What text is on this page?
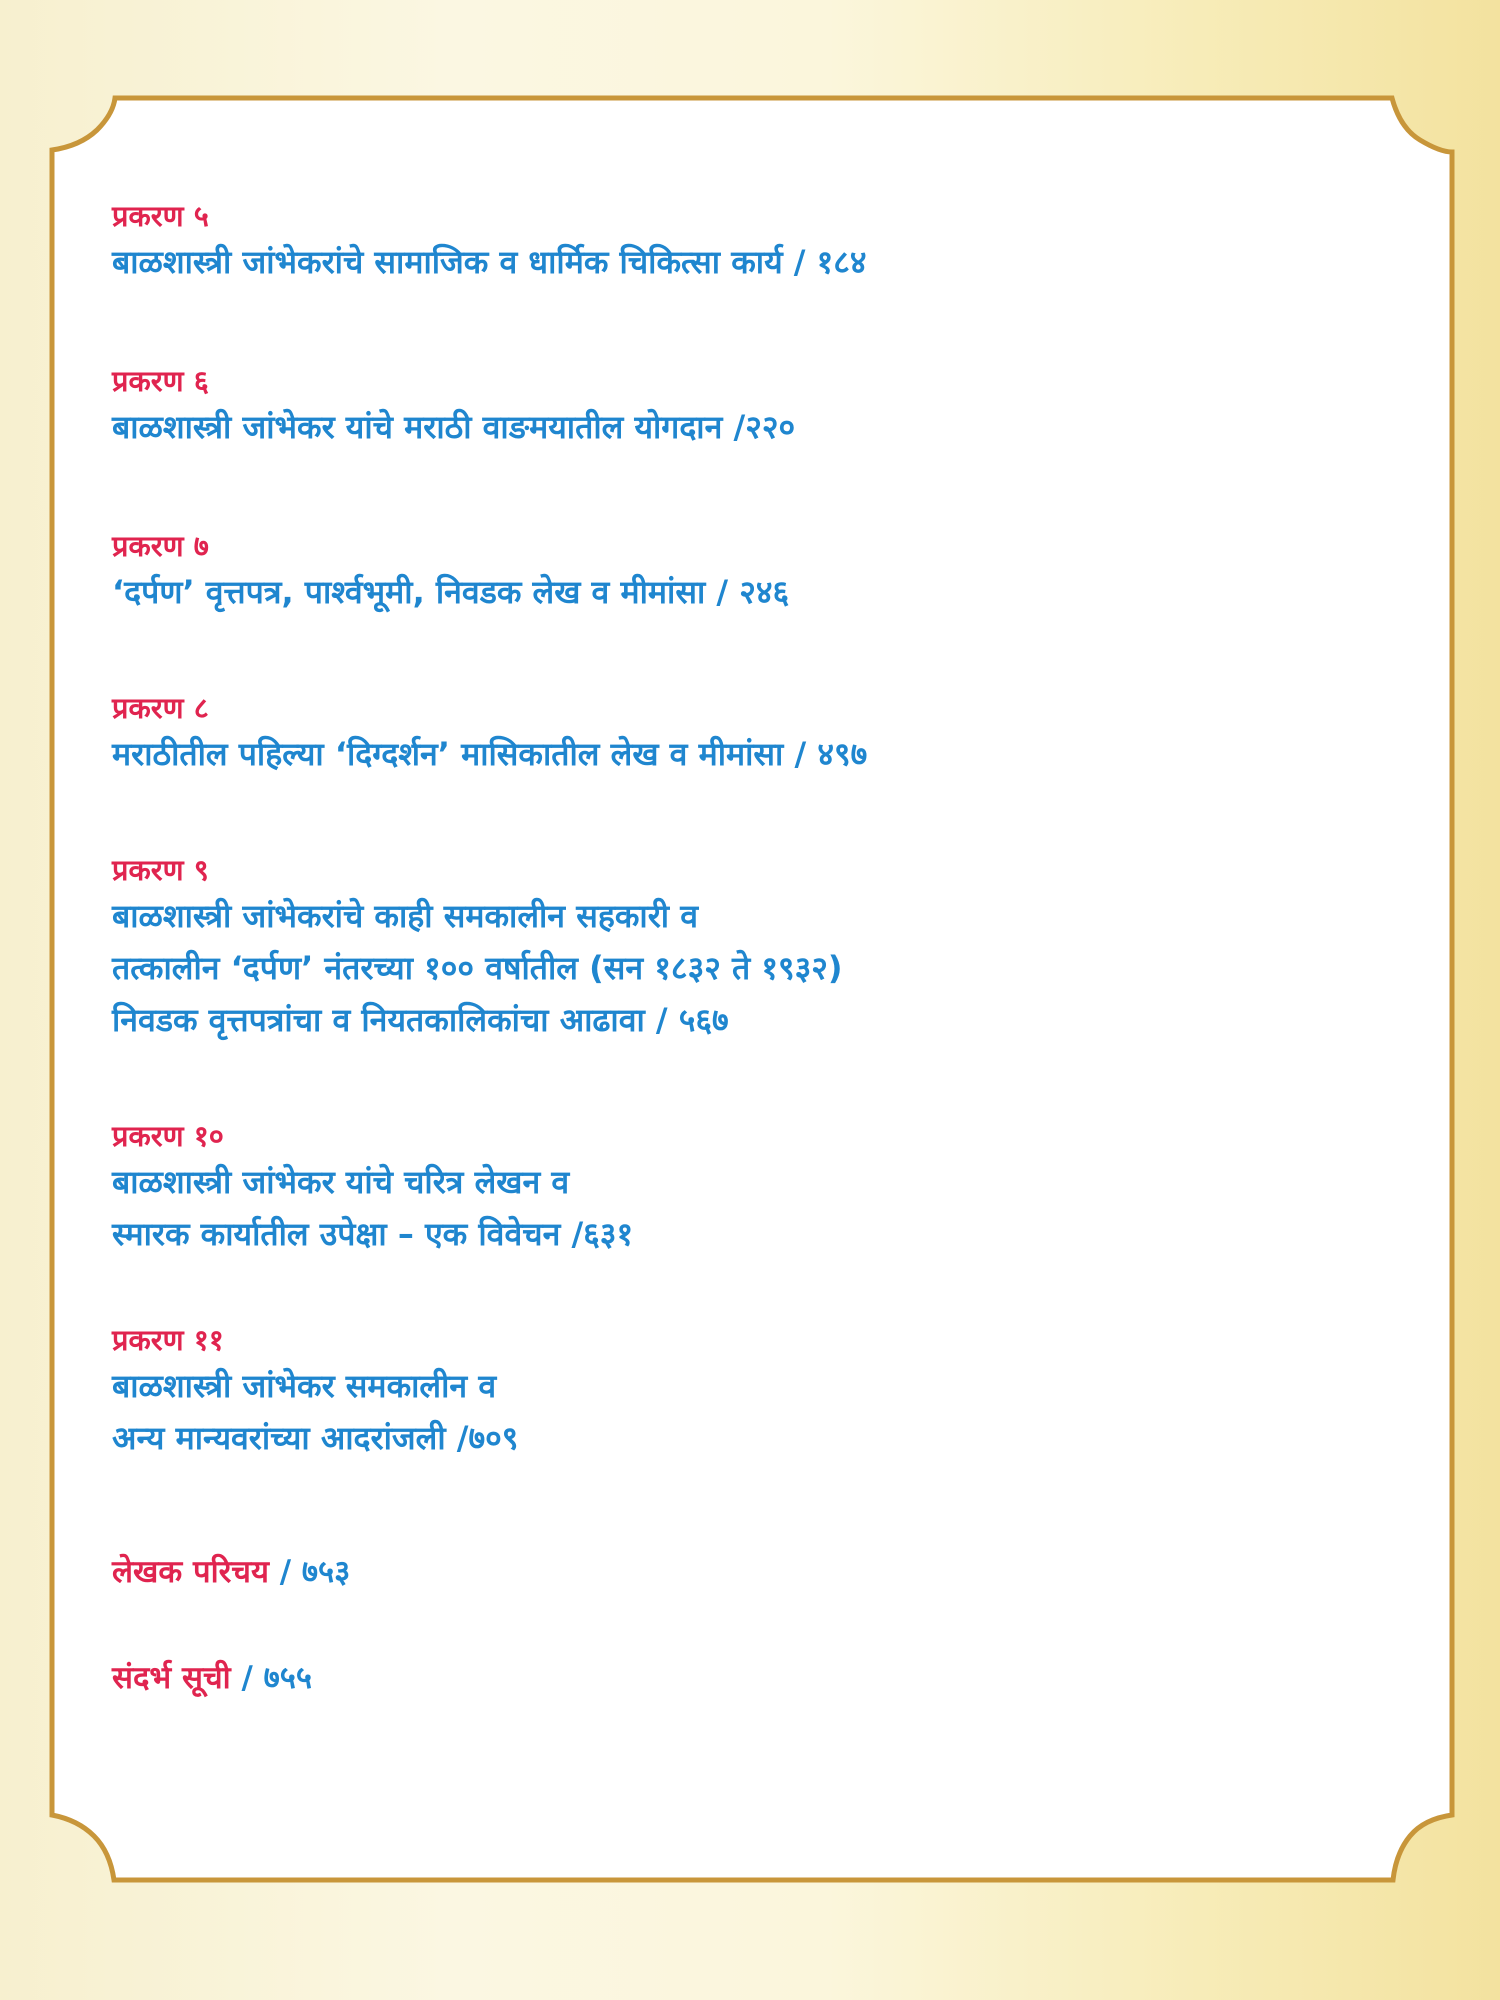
प्रकरण ५
बाळशास्त्री जांभेकरांचे सामाजिक व धार्मिक चिकित्सा कार्य / १८४
प्रकरण ६
बाळशास्त्री जांभेकर यांचे मराठी वाङमयातील योगदान /२२०
प्रकरण ७
‘दर्पण’ वृत्तपत्र, पार्श्वभूमी, निवडक लेख व मीमांसा / २४६
प्रकरण ८
मराठीतील पहिल्या ‘दिग्दर्शन’ मासिकातील लेख व मीमांसा / ४९७
प्रकरण ९
बाळशास्त्री जांभेकरांचे काही समकालीन सहकारी व
तत्कालीन ‘दर्पण’ नंतरच्या १०० वर्षातील (सन १८३२ ते १९३२)
निवडक वृत्तपत्रांचा व नियतकालिकांचा आढावा / ५६७
प्रकरण १०
बाळशास्त्री जांभेकर यांचे चरित्र लेखन व
स्मारक कार्यातील उपेक्षा – एक विवेचन /६३१
प्रकरण ११
बाळशास्त्री जांभेकर समकालीन व
अन्य मान्यवरांच्या आदरांजली /७०९
लेखक परिचय / ७५३
संदर्भ सूची / ७५५
